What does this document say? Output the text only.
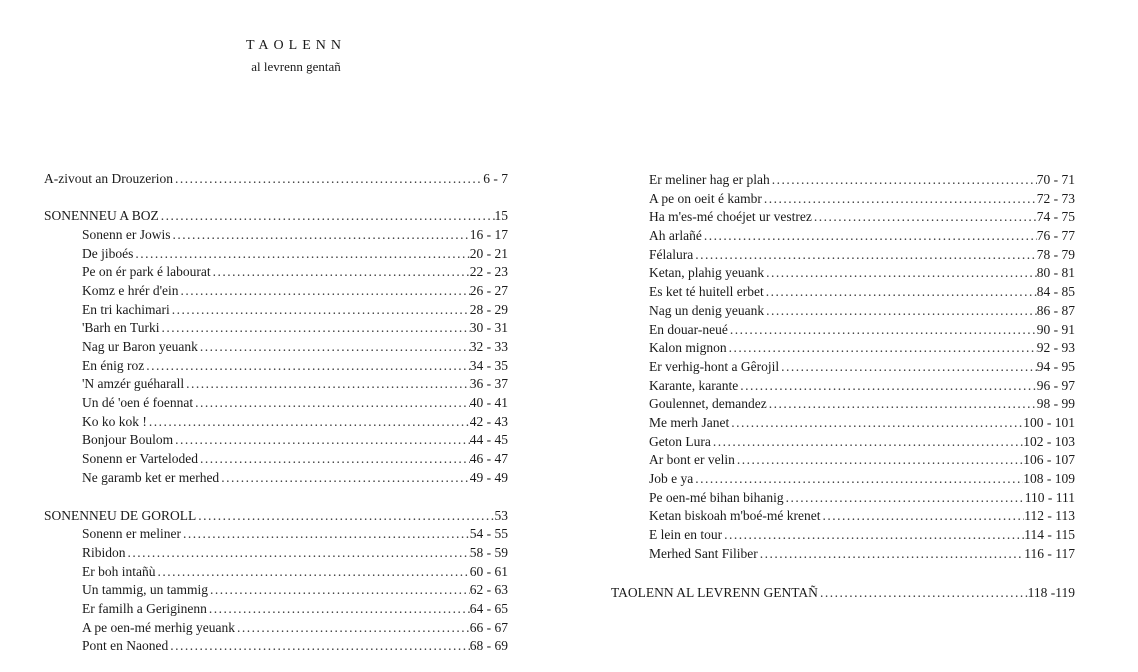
TAOLENN
al levrenn gentañ
A-zivout an Drouzerion .....	6 - 7
SONENNEU A BOZ .....	15
Sonenn er Jowis .....	16 - 17
De jiboés .....	20 - 21
Pe on ér park é labourat .....	22 - 23
Komz e hrér d'ein .....	26 - 27
En tri kachimari .....	28 - 29
'Barh en Turki .....	30 - 31
Nag ur Baron yeuank .....	32 - 33
En énig roz .....	34 - 35
'N amzér guéharall .....	36 - 37
Un dé 'oen é foennat .....	40 - 41
Ko ko kok ! .....	42 - 43
Bonjour Boulom .....	44 - 45
Sonenn er Varteloded .....	46 - 47
Ne garamb ket er merhed .....	49 - 49
SONENNEU DE GOROLL .....	53
Sonenn er meliner .....	54 - 55
Ribidon .....	58 - 59
Er boh intañù .....	60 - 61
Un tammig, un tammig .....	62 - 63
Er familh a Geriginenn .....	64 - 65
A pe oen-mé merhig yeuank .....	66 - 67
Pont en Naoned .....	68 - 69
Er meliner hag er plah .....	70 - 71
A pe on oeit é kambr .....	72 - 73
Ha m'es-mé choéjet ur vestrez .....	74 - 75
Ah arlañé .....	76 - 77
Félalura .....	78 - 79
Ketan, plahig yeuank .....	80 - 81
Es ket té huitell erbet .....	84 - 85
Nag un denig yeuank .....	86 - 87
En douar-neué .....	90 - 91
Kalon mignon .....	92 - 93
Er verhig-hont a Gêrojil .....	94 - 95
Karante, karante .....	96 - 97
Goulennet, demandez .....	98 - 99
Me merh Janet .....	100 - 101
Geton Lura .....	102 - 103
Ar bont er velin .....	106 - 107
Job e ya .....	108 - 109
Pe oen-mé bihan bihanig .....	110 - 111
Ketan biskoah m'boé-mé krenet .....	112 - 113
E lein en tour .....	114 - 115
Merhed Sant Filiber .....	116 - 117
TAOLENN AL LEVRENN GENTAÑ .....	118 -119
